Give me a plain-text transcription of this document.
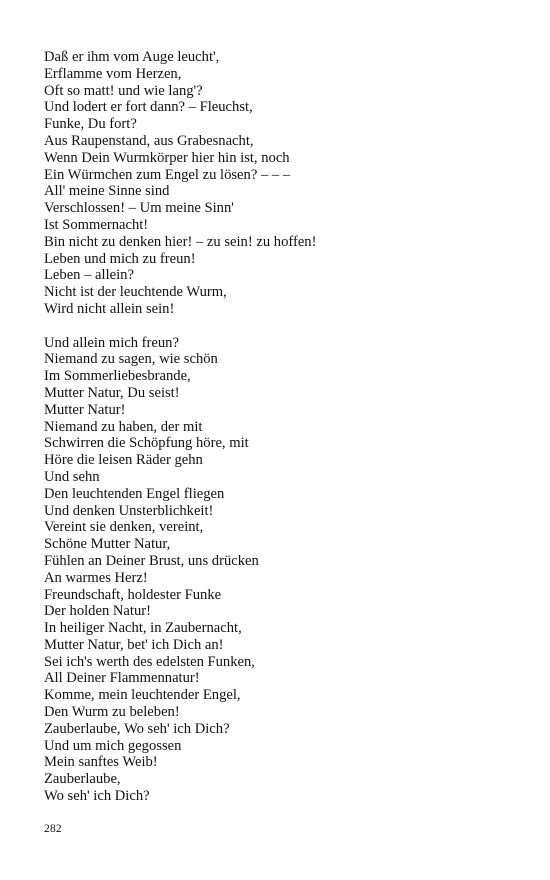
Daß er ihm vom Auge leucht',
Erflamme vom Herzen,
Oft so matt! und wie lang'?
Und lodert er fort dann? – Fleuchst,
Funke, Du fort?
Aus Raupenstand, aus Grabesnacht,
Wenn Dein Wurmkörper hier hin ist, noch
Ein Würmchen zum Engel zu lösen? – – –
All' meine Sinne sind
Verschlossen! – Um meine Sinn'
Ist Sommernacht!
Bin nicht zu denken hier! – zu sein! zu hoffen!
Leben und mich zu freun!
Leben – allein?
Nicht ist der leuchtende Wurm,
Wird nicht allein sein!
Und allein mich freun?
Niemand zu sagen, wie schön
Im Sommerliebesbrande,
Mutter Natur, Du seist!
Mutter Natur!
Niemand zu haben, der mit
Schwirren die Schöpfung höre, mit
Höre die leisen Räder gehn
Und sehn
Den leuchtenden Engel fliegen
Und denken Unsterblichkeit!
Vereint sie denken, vereint,
Schöne Mutter Natur,
Fühlen an Deiner Brust, uns drücken
An warmes Herz!
Freundschaft, holdester Funke
Der holden Natur!
In heiliger Nacht, in Zaubernacht,
Mutter Natur, bet' ich Dich an!
Sei ich's werth des edelsten Funken,
All Deiner Flammennatur!
Komme, mein leuchtender Engel,
Den Wurm zu beleben!
Zauberlaube, Wo seh' ich Dich?
Und um mich gegossen
Mein sanftes Weib!
Zauberlaube,
Wo seh' ich Dich?
282
